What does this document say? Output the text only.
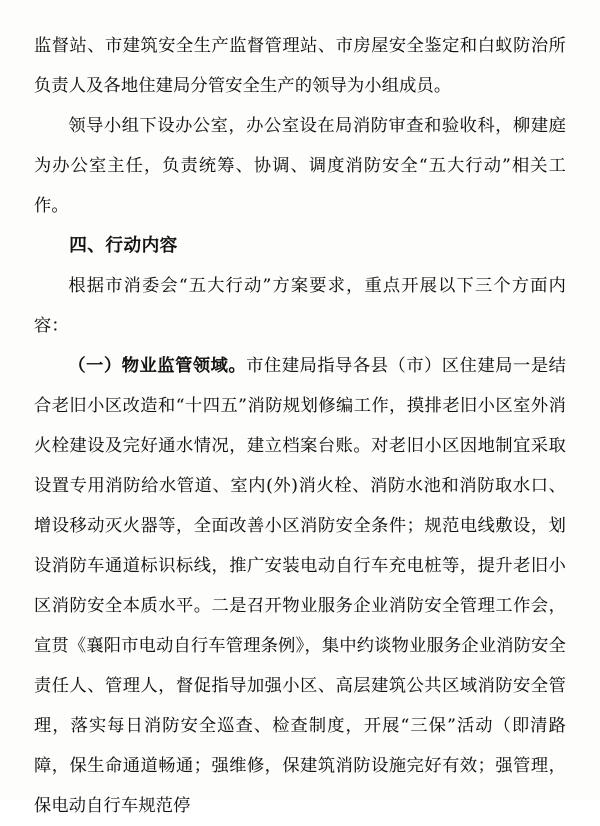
监督站、市建筑安全生产监督管理站、市房屋安全鉴定和白蚁防治所负责人及各地住建局分管安全生产的领导为小组成员。

领导小组下设办公室，办公室设在局消防审查和验收科，柳建庭为办公室主任，负责统筹、协调、调度消防安全“五大行动”相关工作。

四、行动内容

根据市消委会“五大行动”方案要求，重点开展以下三个方面内容：

（一）物业监管领域。市住建局指导各县（市）区住建局一是结合老旧小区改造和“十四五”消防规划修编工作，摸排老旧小区室外消火栓建设及完好通水情况，建立档案台账。对老旧小区因地制宜采取设置专用消防给水管道、室内(外)消火栓、消防水池和消防取水口、增设移动灭火器等，全面改善小区消防安全条件；规范电线敷设，划设消防车通道标识标线，推广安装电动自行车充电桩等，提升老旧小区消防安全本质水平。二是召开物业服务企业消防安全管理工作会，宣贯《襄阳市电动自行车管理条例》，集中约谈物业服务企业消防安全责任人、管理人，督促指导加强小区、高层建筑公共区域消防安全管理，落实每日消防安全巡查、检查制度，开展“三保”活动（即清路障，保生命通道畅通；强维修，保建筑消防设施完好有效；强管理，保电动自行车规范停
